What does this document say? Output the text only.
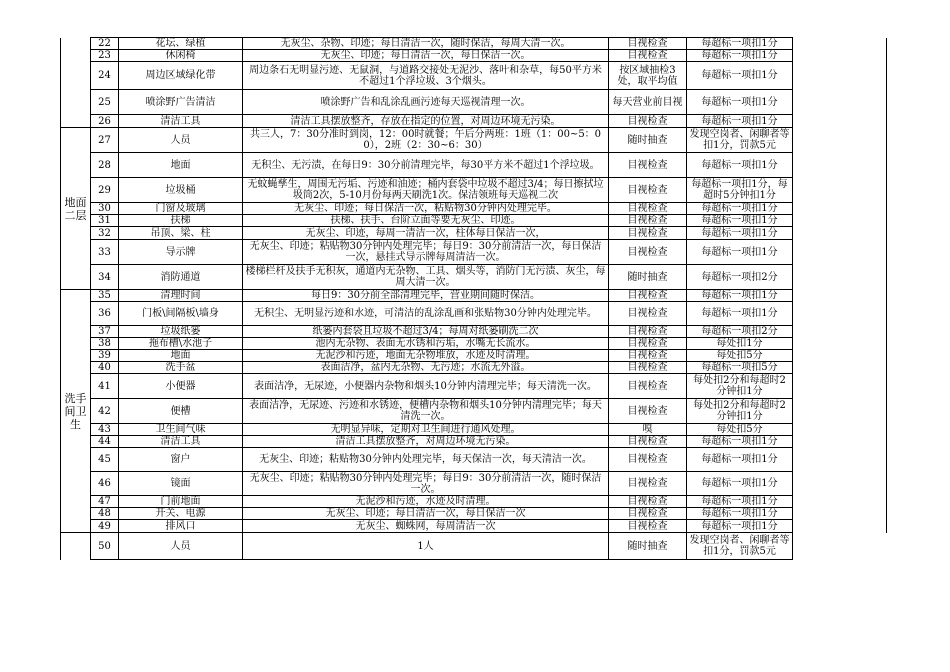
	22	花坛、绿植	无灰尘、杂物、印迹；每日清洁一次，随时保洁，每周大清一次。	目视检查	每超标一项扣1分	
	23	休闲椅	无灰尘、印迹；每日清洁一次，每日保洁一次。	目视检查	每超标一项扣1分	
	24	周边区域绿化带	周边条石无明显污迹、无鼠洞，与道路交接处无泥沙、落叶和杂草，每50平方米不超过1个浮垃圾、3个烟头。	按区域抽检3处，取平均值	每超标一项扣1分	
	25	喷涂野广告清洁	喷涂野广告和乱涂乱画污迹每天巡视清理一次。	每天营业前目视	每超标一项扣1分	
	26	清洁工具	清洁工具摆放整齐，存放在指定的位置，对周边环境无污染。	目视检查	每超标一项扣1分	
地面二层	27	人员	共三人，7：30分准时到岗，12：00时就餐；午后分两班：1班（1：00~5：00），2班（2：30~6：30）	随时抽查	发现空岗者、闲聊者等扣1分，罚款5元	
	28	地面	无积尘、无污渍，在每日9：30分前清理完毕，每30平方米不超过1个浮垃圾。	目视检查	每超标一项扣1分	
	29	垃圾桶	无蚊蝇孳生，周围无污垢、污迹和油迹；桶内套袋中垃圾不超过3/4；每日擦拭垃圾筒2次，5-10月份每两天刷洗1次。保洁领班每天巡视二次	目视检查	每超标一项扣1分，每超时5分钟扣1分	
	30	门窗及玻璃	无灰尘、印迹；每日保洁一次，粘贴物30分钟内处理完毕。	目视检查	每超标一项扣1分	
	31	扶梯	扶梯、扶手、台阶立面等要无灰尘、印迹。	目视检查	每超标一项扣1分	
	32	吊顶、梁、柱	无灰尘、印迹，每周一清洁一次，柱体每日保洁一次，	目视检查	每超标一项扣1分	
	33	导示牌	无灰尘、印迹；粘贴物30分钟内处理完毕；每日9：30分前清洁一次，每日保洁一次，悬挂式导示牌每周清洁一次。	目视检查	每超标一项扣1分	
	34	消防通道	楼梯栏杆及扶手无积灰，通道内无杂物、工具、烟头等，消防门无污渍、灰尘，每周大清一次。	随时抽查	每超标一项扣2分	
洗手间卫生	35	清理时间	每日9：30分前全部清理完毕，营业期间随时保洁。	目视检查	每超标一项扣1分	
	36	门板\间隔板\墙身	无积尘、无明显污迹和水迹，可清洁的乱涂乱画和张贴物30分钟内处理完毕。	目视检查	每超标一项扣1分	
	37	垃圾纸篓	纸篓内套袋且垃圾不超过3/4；每周对纸篓刷洗二次	目视检查	每超标一项扣2分	
	38	拖布槽\水池子	池内无杂物、表面无水锈和污垢，水嘴无长流水。	目视检查	每处扣1分	
	39	地面	无泥沙和污迹，地面无杂物堆放，水迹及时清理。	目视检查	每处扣5分	
	40	洗手盆	表面洁净，盆内无杂物、无污迹；水流无外溢。	目视检查	每超标一项扣5分	
	41	小便器	表面洁净，无尿迹，小便器内杂物和烟头10分钟内清理完毕；每天清洗一次。	目视检查	每处扣2分和每超时2分钟扣1分	
	42	便槽	表面洁净，无尿迹、污迹和水锈迹，便槽内杂物和烟头10分钟内清理完毕；每天清洗一次。	目视检查	每处扣2分和每超时2分钟扣1分	
	43	卫生间气味	无明显异味，定期对卫生间进行通风处理。	嗅	每处扣5分	
	44	清洁工具	清洁工具摆放整齐，对周边环境无污染。	目视检查	每超标一项扣1分	
	45	窗户	无灰尘、印迹；粘贴物30分钟内处理完毕，每天保洁一次，每天清洁一次。	目视检查	每超标一项扣1分	
	46	镜面	无灰尘、印迹；粘贴物30分钟内处理完毕；每日9：30分前清洁一次，随时保洁一次。	目视检查	每超标一项扣1分	
	47	门前地面	无泥沙和污迹，水迹及时清理。	目视检查	每超标一项扣1分	
	48	开关、电源	无灰尘、印迹；每日清洁一次，每日保洁一次	目视检查	每超标一项扣1分	
	49	排风口	无灰尘、蜘蛛网，每周清洁一次	目视检查	每超标一项扣1分	
	50	人员	1人	随时抽查	发现空岗者、闲聊者等扣1分，罚款5元	
